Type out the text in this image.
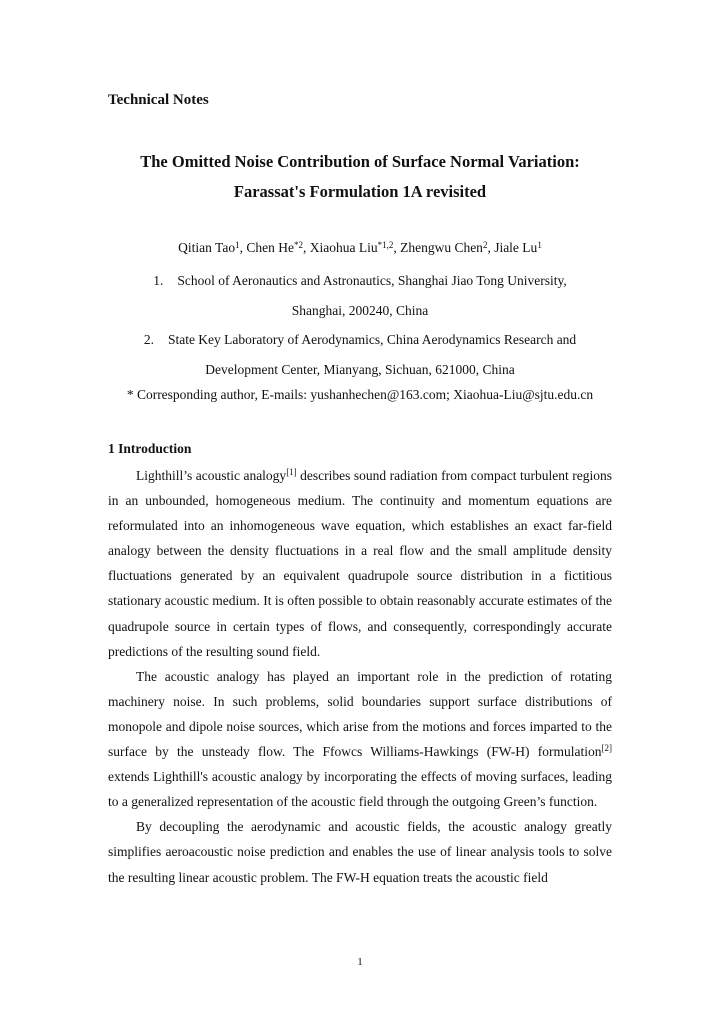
Technical Notes
The Omitted Noise Contribution of Surface Normal Variation:
Farassat's Formulation 1A revisited
Qitian Tao$^1$, Chen He$^{*2}$, Xiaohua Liu$^{*1,2}$, Zhengwu Chen$^2$, Jiale Lu$^1$
1. School of Aeronautics and Astronautics, Shanghai Jiao Tong University,
Shanghai, 200240, China
2. State Key Laboratory of Aerodynamics, China Aerodynamics Research and
Development Center, Mianyang, Sichuan, 621000, China
* Corresponding author, E-mails: yushanhechen@163.com; Xiaohua-Liu@sjtu.edu.cn
1 Introduction

Lighthill’s acoustic analogy[1] describes sound radiation from compact turbulent regions in an unbounded, homogeneous medium. The continuity and momentum equations are reformulated into an inhomogeneous wave equation, which establishes an exact far-field analogy between the density fluctuations in a real flow and the small amplitude density fluctuations generated by an equivalent quadrupole source distribution in a fictitious stationary acoustic medium. It is often possible to obtain reasonably accurate estimates of the quadrupole source in certain types of flows, and consequently, correspondingly accurate predictions of the resulting sound field.

The acoustic analogy has played an important role in the prediction of rotating machinery noise. In such problems, solid boundaries support surface distributions of monopole and dipole noise sources, which arise from the motions and forces imparted to the surface by the unsteady flow. The Ffowcs Williams-Hawkings (FW-H) formulation[2] extends Lighthill's acoustic analogy by incorporating the effects of moving surfaces, leading to a generalized representation of the acoustic field through the outgoing Green’s function.

By decoupling the aerodynamic and acoustic fields, the acoustic analogy greatly simplifies aeroacoustic noise prediction and enables the use of linear analysis tools to solve the resulting linear acoustic problem. The FW-H equation treats the acoustic field

1
